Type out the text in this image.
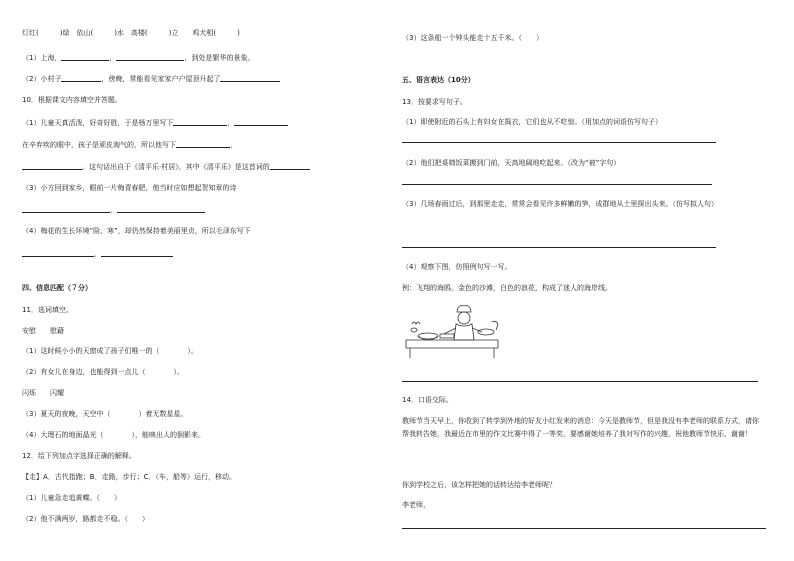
灯红(　　　)绿　依山(　　　)水　高楼(　　　)立　　鸡犬相(　　　)
（1）上海，	，	，到处是繁华的景象。
（2）小村子	，傍晚，常能看见家家户户屋顶升起了
10．根据课文内容填空并答题。
（1）儿童天真活泼，好奇好胜，于是杨万里写下	，
在辛弃疾的眼中，孩子是顽皮淘气的，所以他写下	，
。这句话出自于《清平乐·村居》，其中《清平乐》是这首词的
（3）小方回到家乡，眼前一片梅青春肥，他当时应如想起贺知章的诗
，
（4）梅花的生长环境“险、寒”，却仍然保持着美丽里贞，所以毛泽东写下
，
四、信息匹配（７分）
11．选词填空。
安慰　　慰藉
（1）这时候小小的天窗成了孩子们唯一的（　　　　）。
（2）有女儿在身边，也能得到一点儿（　　　　）。
闪烁　　闪耀
（3）夏天的夜晚，天空中（　　　　）着无数星星。
（4）大理石的地面晶光（　　　　），能映出人的倒影来。
12．给下列加点字选择正确的解释。
【走】A．古代指跑；B．走路，步行；C．（车，船等）运行，移动。
（1）儿童急走追黄蝶。（　　）
（2）他不满两岁，路都走不稳。（　　）
（3）这条船一个钟头能走十五千米。（　　）
五、语言表达（10分）
13．按要求写句子。
（1）即使附近的石头上有妇女在捣衣，它们也从不吃惊。（用加点的词语仿写句子）
（2）他们把桌椅饭菜搬到门前，天高地阔地吃起来。（改为“被”字句）
（3）几场春雨过后，到那里走走，常常会看见许多鲜嫩的笋，成群地从土里探出头来。（仿写拟人句）
（4）观察下图，仿照例句写一写。
例：飞翔的海鸥，金色的沙滩，白色的浪花，构成了迷人的海岸线。
14．口语交际。
教师节当天早上，你收到了转学到外地的好友小红发来的消息：今天是教师节，但是我没有李老师的联系方式，请你帮我转告她，我最近在市里的作文比赛中得了一等奖，要感谢她培养了我对写作的兴趣，祝他教师节快乐，谢谢！
你到学校之后，该怎样把她的话转达给李老师呢？
李老师，
